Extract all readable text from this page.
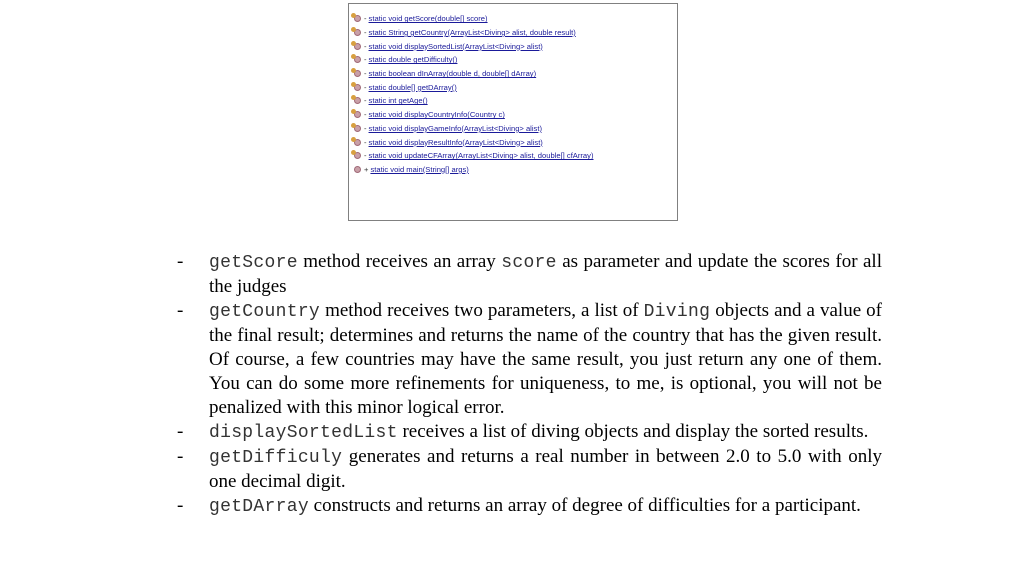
- static void getScore(double[] score)
- static String getCountry(ArrayList<Diving> alist, double result)
- static void displaySortedList(ArrayList<Diving> alist)
- static double getDifficulty()
- static boolean dInArray(double d, double[] dArray)
- static double[] getDArray()
- static int getAge()
- static void displayCountryInfo(Country c)
- static void displayGameInfo(ArrayList<Diving> alist)
- static void displayResultInfo(ArrayList<Diving> alist)
- static void updateCFArray(ArrayList<Diving> alist, double[] cfArray)
+ static void main(String[] args)
- getScore method receives an array score as parameter and update the scores for all the judges
- getCountry method receives two parameters, a list of Diving objects and a value of the final result; determines and returns the name of the country that has the given result. Of course, a few countries may have the same result, you just return any one of them. You can do some more refinements for uniqueness, to me, is optional, you will not be penalized with this minor logical error.
- displaySortedList receives a list of diving objects and display the sorted results.
- getDifficuly generates and returns a real number in between 2.0 to 5.0 with only one decimal digit.
- getDArray constructs and returns an array of degree of difficulties for a participant.
